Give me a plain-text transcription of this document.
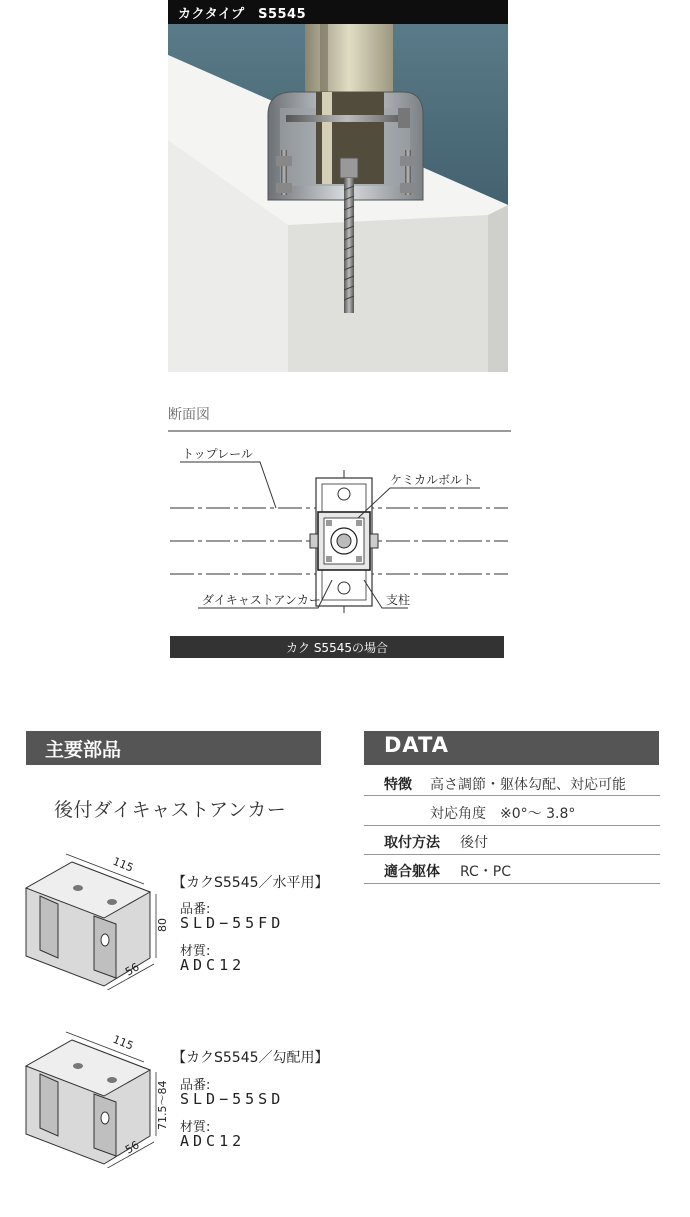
カクタイプ　S5545
断面図
トップレール
ケミカルボルト
ダイキャストアンカー	支柱
カク S5545の場合
主要部品
後付ダイキャストアンカー
115
80
56
【カクS5545／水平用】
品番:
SLD−55FD
材質:
ADC12
115
71.5〜84
56
【カクS5545／勾配用】
品番:
SLD−55SD
材質:
ADC12
DATA
特徴 高さ調節・躯体勾配、対応可能
対応角度　※0°～ 3.8°
取付方法 後付
適合躯体 RC・PC
